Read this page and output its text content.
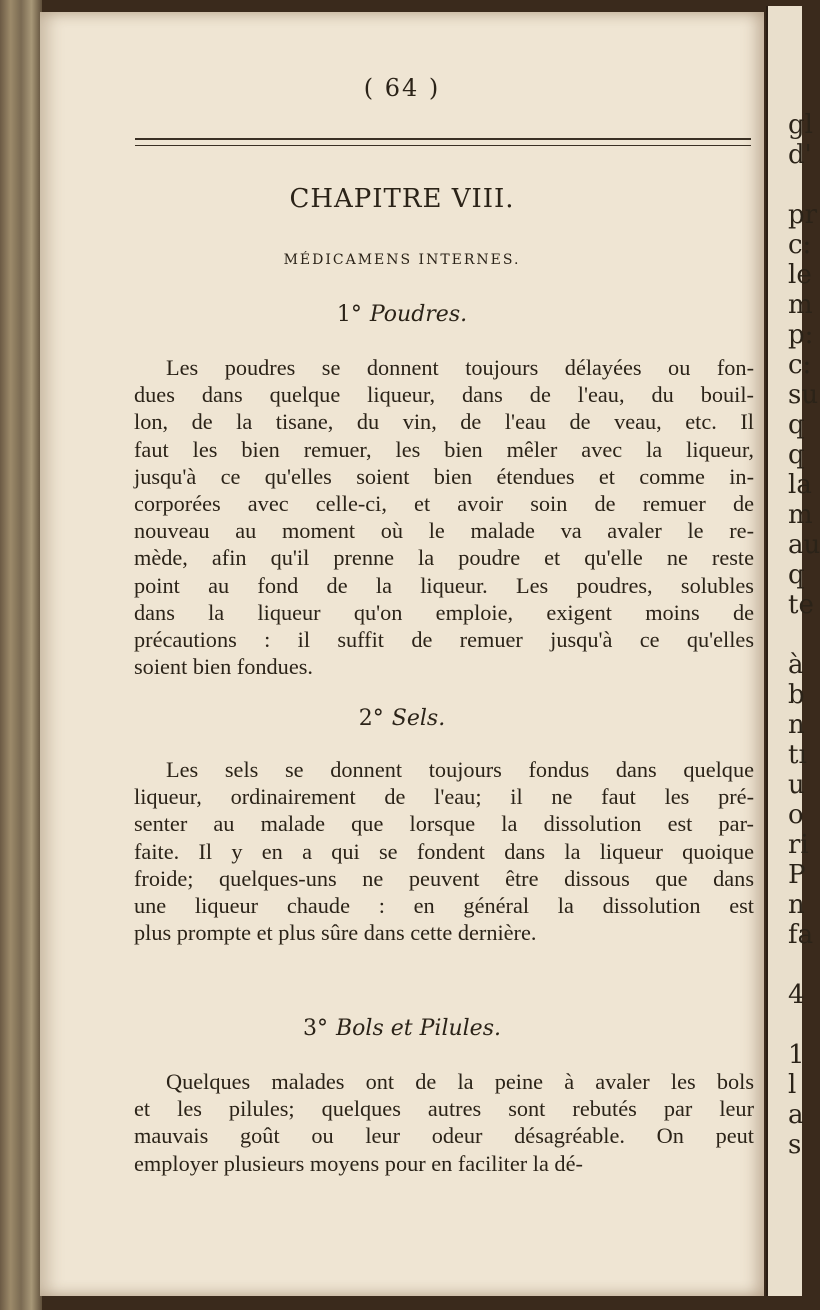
gl
d'
pr
c:
le
m
p:
c:
su
q
q
la
m
au
q
te
à
b
n
tı
u
o
ri
P
n
fa
4
1
l
a
s
( 64 )
CHAPITRE VIII.
MÉDICAMENS INTERNES.
1° Poudres.
Les poudres se donnent toujours délayées ou fon-
dues dans quelque liqueur, dans de l'eau, du bouil-
lon, de la tisane, du vin, de l'eau de veau, etc. Il
faut les bien remuer, les bien mêler avec la liqueur,
jusqu'à ce qu'elles soient bien étendues et comme in-
corporées avec celle-ci, et avoir soin de remuer de
nouveau au moment où le malade va avaler le re-
mède, afin qu'il prenne la poudre et qu'elle ne reste
point au fond de la liqueur. Les poudres, solubles
dans la liqueur qu'on emploie, exigent moins de
précautions : il suffit de remuer jusqu'à ce qu'elles
soient bien fondues.
2° Sels.
Les sels se donnent toujours fondus dans quelque
liqueur, ordinairement de l'eau; il ne faut les pré-
senter au malade que lorsque la dissolution est par-
faite. Il y en a qui se fondent dans la liqueur quoique
froide; quelques-uns ne peuvent être dissous que dans
une liqueur chaude : en général la dissolution est
plus prompte et plus sûre dans cette dernière.
3° Bols et Pilules.
Quelques malades ont de la peine à avaler les bols
et les pilules; quelques autres sont rebutés par leur
mauvais goût ou leur odeur désagréable. On peut
employer plusieurs moyens pour en faciliter la dé-
